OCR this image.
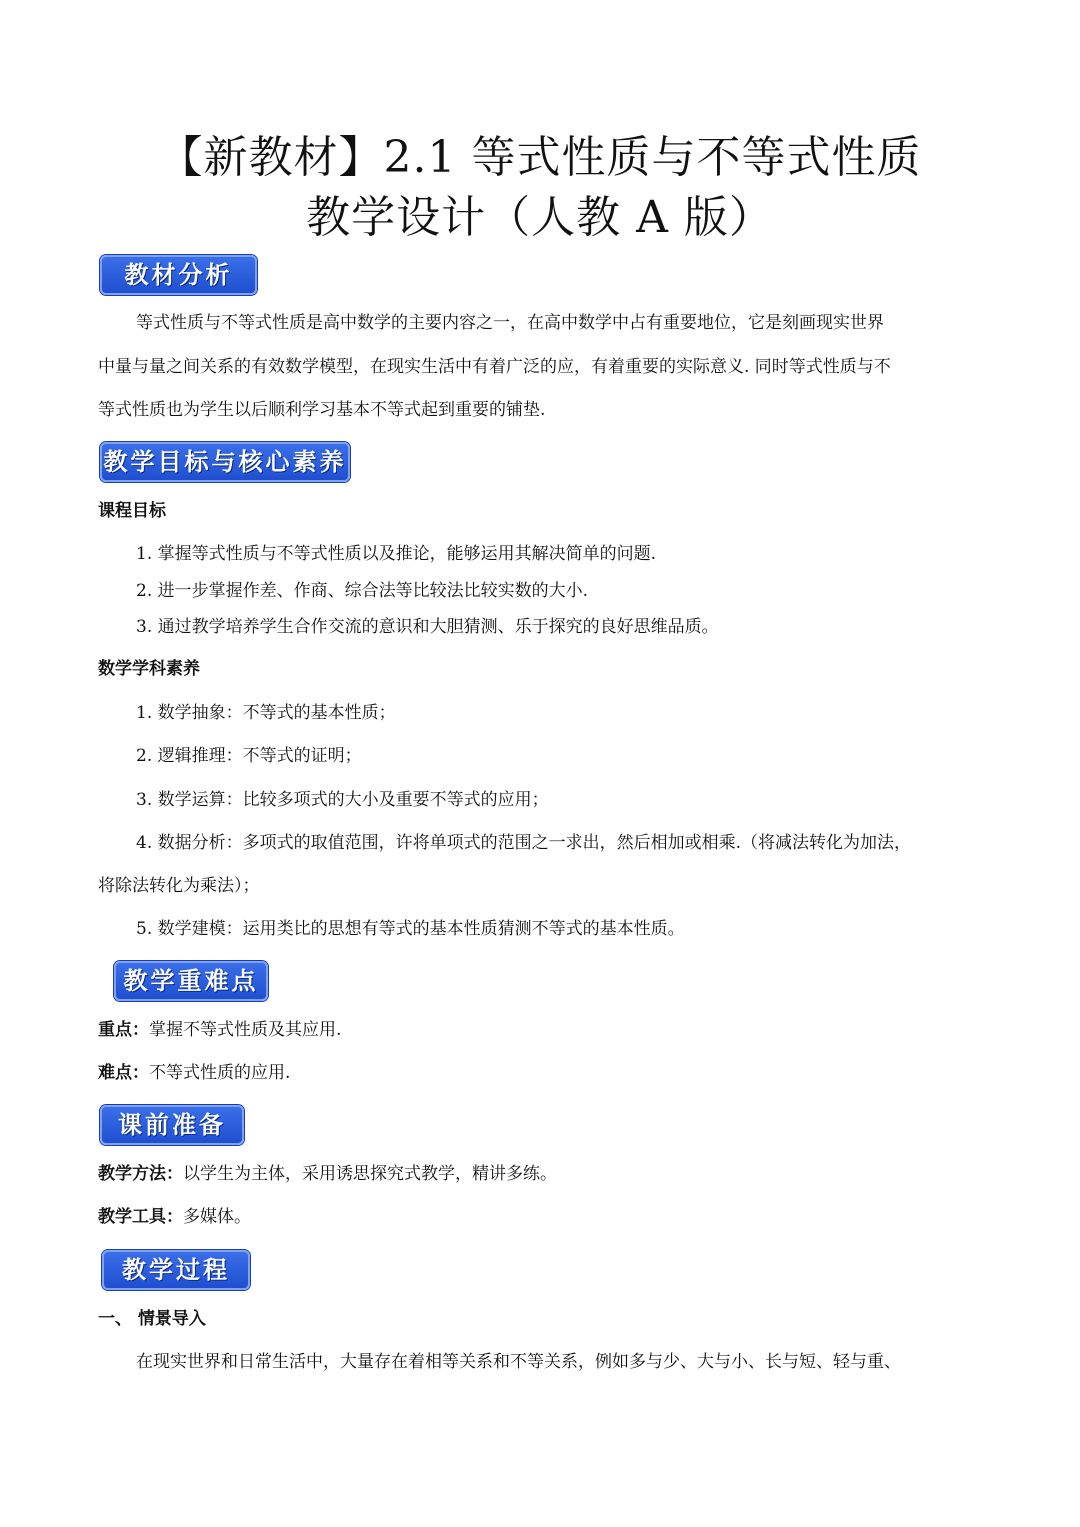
【新教材】2.1 等式性质与不等式性质
教学设计（人教 A 版）
教材分析
等式性质与不等式性质是高中数学的主要内容之一，在高中数学中占有重要地位，它是刻画现实世界
中量与量之间关系的有效数学模型，在现实生活中有着广泛的应，有着重要的实际意义. 同时等式性质与不
等式性质也为学生以后顺利学习基本不等式起到重要的铺垫.
教学目标与核心素养
课程目标
1. 掌握等式性质与不等式性质以及推论，能够运用其解决简单的问题.
2. 进一步掌握作差、作商、综合法等比较法比较实数的大小.
3. 通过教学培养学生合作交流的意识和大胆猜测、乐于探究的良好思维品质。
数学学科素养
1. 数学抽象：不等式的基本性质；
2. 逻辑推理：不等式的证明；
3. 数学运算：比较多项式的大小及重要不等式的应用；
4. 数据分析：多项式的取值范围，许将单项式的范围之一求出，然后相加或相乘.（将减法转化为加法，
将除法转化为乘法）；
5. 数学建模：运用类比的思想有等式的基本性质猜测不等式的基本性质。
教学重难点
重点：掌握不等式性质及其应用.
难点：不等式性质的应用.
课前准备
教学方法：以学生为主体，采用诱思探究式教学，精讲多练。
教学工具：多媒体。
教学过程
一、 情景导入
在现实世界和日常生活中，大量存在着相等关系和不等关系，例如多与少、大与小、长与短、轻与重、
